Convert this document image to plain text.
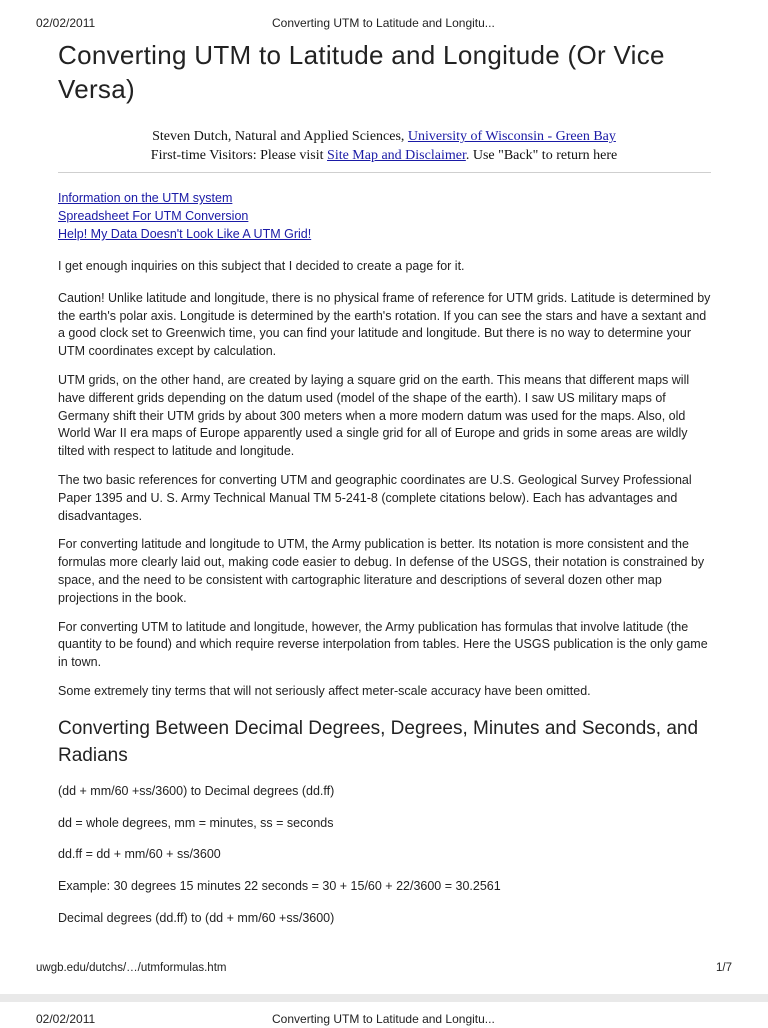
02/02/2011	Converting UTM to Latitude and Longitu...
Converting UTM to Latitude and Longitude (Or Vice Versa)
Steven Dutch, Natural and Applied Sciences, University of Wisconsin - Green Bay
First-time Visitors: Please visit Site Map and Disclaimer. Use "Back" to return here
Information on the UTM system
Spreadsheet For UTM Conversion
Help! My Data Doesn't Look Like A UTM Grid!

I get enough inquiries on this subject that I decided to create a page for it.

Caution! Unlike latitude and longitude, there is no physical frame of reference for UTM grids. Latitude is determined by the earth's polar axis. Longitude is determined by the earth's rotation. If you can see the stars and have a sextant and a good clock set to Greenwich time, you can find your latitude and longitude. But there is no way to determine your UTM coordinates except by calculation.

UTM grids, on the other hand, are created by laying a square grid on the earth. This means that different maps will have different grids depending on the datum used (model of the shape of the earth). I saw US military maps of Germany shift their UTM grids by about 300 meters when a more modern datum was used for the maps. Also, old World War II era maps of Europe apparently used a single grid for all of Europe and grids in some areas are wildly tilted with respect to latitude and longitude.

The two basic references for converting UTM and geographic coordinates are U.S. Geological Survey Professional Paper 1395 and U. S. Army Technical Manual TM 5-241-8 (complete citations below). Each has advantages and disadvantages.

For converting latitude and longitude to UTM, the Army publication is better. Its notation is more consistent and the formulas more clearly laid out, making code easier to debug. In defense of the USGS, their notation is constrained by space, and the need to be consistent with cartographic literature and descriptions of several dozen other map projections in the book.

For converting UTM to latitude and longitude, however, the Army publication has formulas that involve latitude (the quantity to be found) and which require reverse interpolation from tables. Here the USGS publication is the only game in town.

Some extremely tiny terms that will not seriously affect meter-scale accuracy have been omitted.

Converting Between Decimal Degrees, Degrees, Minutes and Seconds, and Radians

(dd + mm/60 +ss/3600) to Decimal degrees (dd.ff)

dd = whole degrees, mm = minutes, ss = seconds

dd.ff = dd + mm/60 + ss/3600

Example: 30 degrees 15 minutes 22 seconds = 30 + 15/60 + 22/3600 = 30.2561

Decimal degrees (dd.ff) to (dd + mm/60 +ss/3600)

uwgb.edu/dutchs/…/utmformulas.htm	1/7
02/02/2011	Converting UTM to Latitude and Longitu...
